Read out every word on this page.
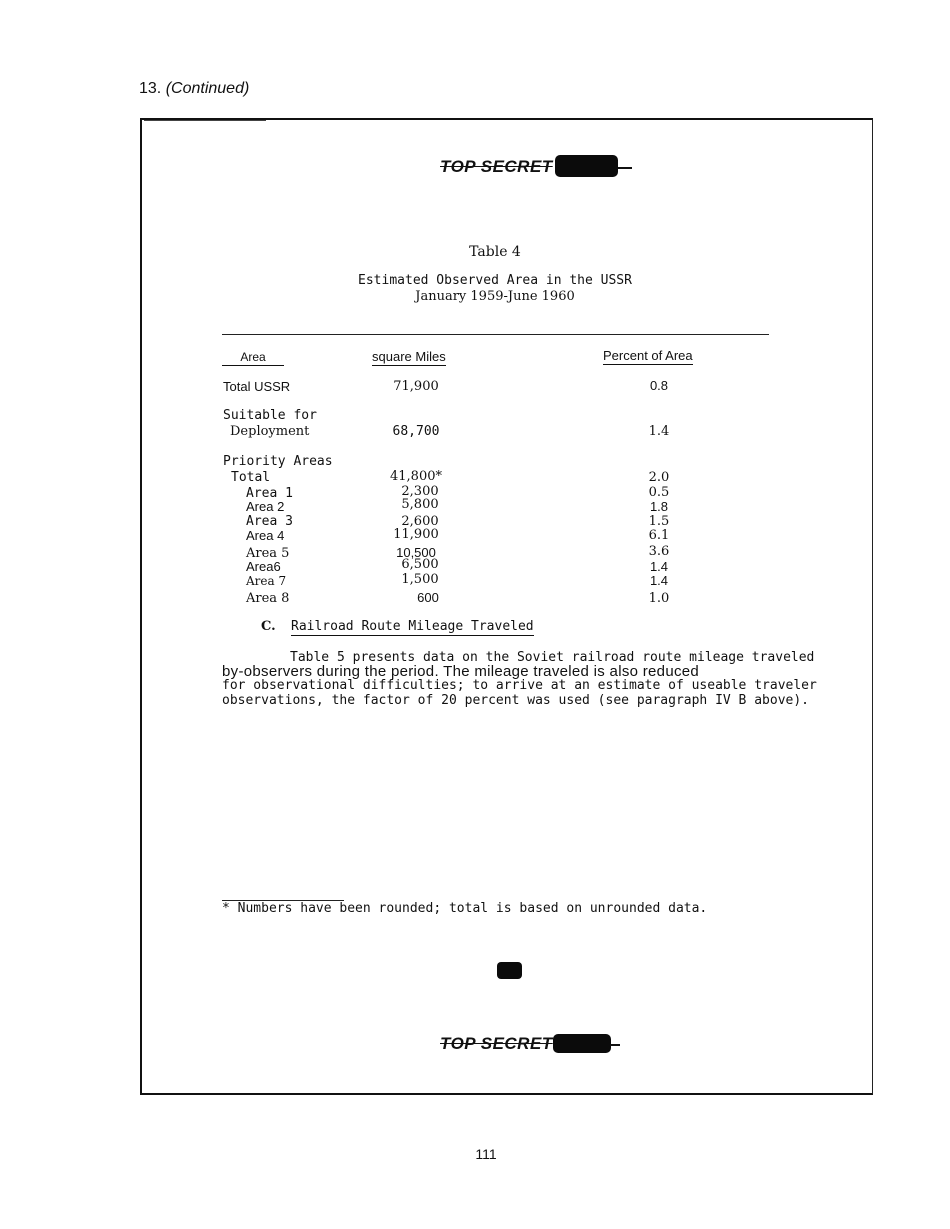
13. (Continued)
TOP SECRET
Table 4
Estimated Observed Area in the USSR
January 1959-June 1960
Area	square Miles	Percent of Area
Total USSR	71,900	0.8
Suitable for
Deployment	68,700	1.4
Priority Areas
Total	41,800*	2.0
Area 1	2,300	0.5
Area 2	5,800	1.8
Area 3	2,600	1.5
Area 4	11,900	6.1
Area 5	10,500	3.6
Area6	6,500	1.4
Area 7	1,500	1.4
Area 8	600	1.0
C. Railroad Route Mileage Traveled
Table 5 presents data on the Soviet railroad route mileage traveled
by-observers during the period. The mileage traveled is also reduced
for observational difficulties; to arrive at an estimate of useable traveler
observations, the factor of 20 percent was used (see paragraph IV B above).
* Numbers have been rounded; total is based on unrounded data.
TOP SECRET
111
